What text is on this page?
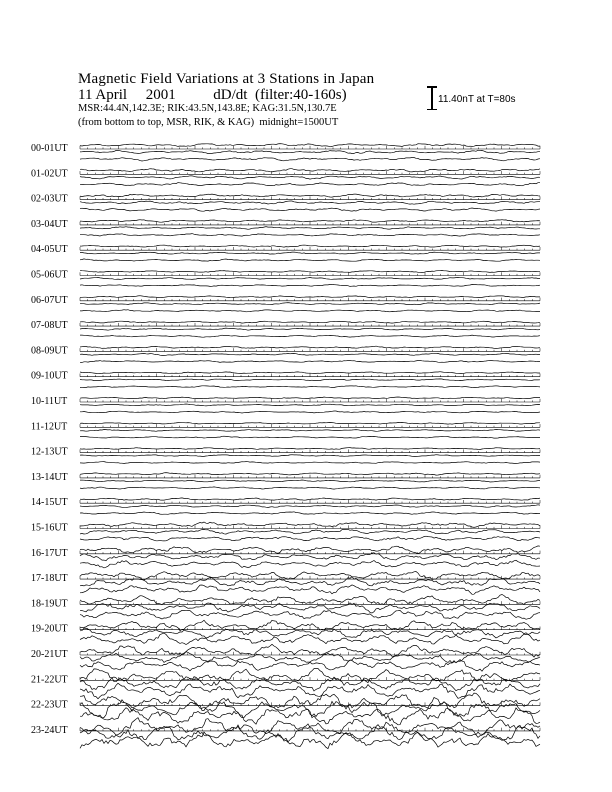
Magnetic Field Variations at 3 Stations in Japan
11 April 2001	dD/dt (filter:40-160s)
MSR:44.4N,142.3E; RIK:43.5N,143.8E; KAG:31.5N,130.7E
(from bottom to top, MSR, RIK, & KAG)  midnight=1500UT
11.40nT at T=80s
00-01UT
01-02UT
02-03UT
03-04UT
04-05UT
05-06UT
06-07UT
07-08UT
08-09UT
09-10UT
10-11UT
11-12UT
12-13UT
13-14UT
14-15UT
15-16UT
16-17UT
17-18UT
18-19UT
19-20UT
20-21UT
21-22UT
22-23UT
23-24UT
